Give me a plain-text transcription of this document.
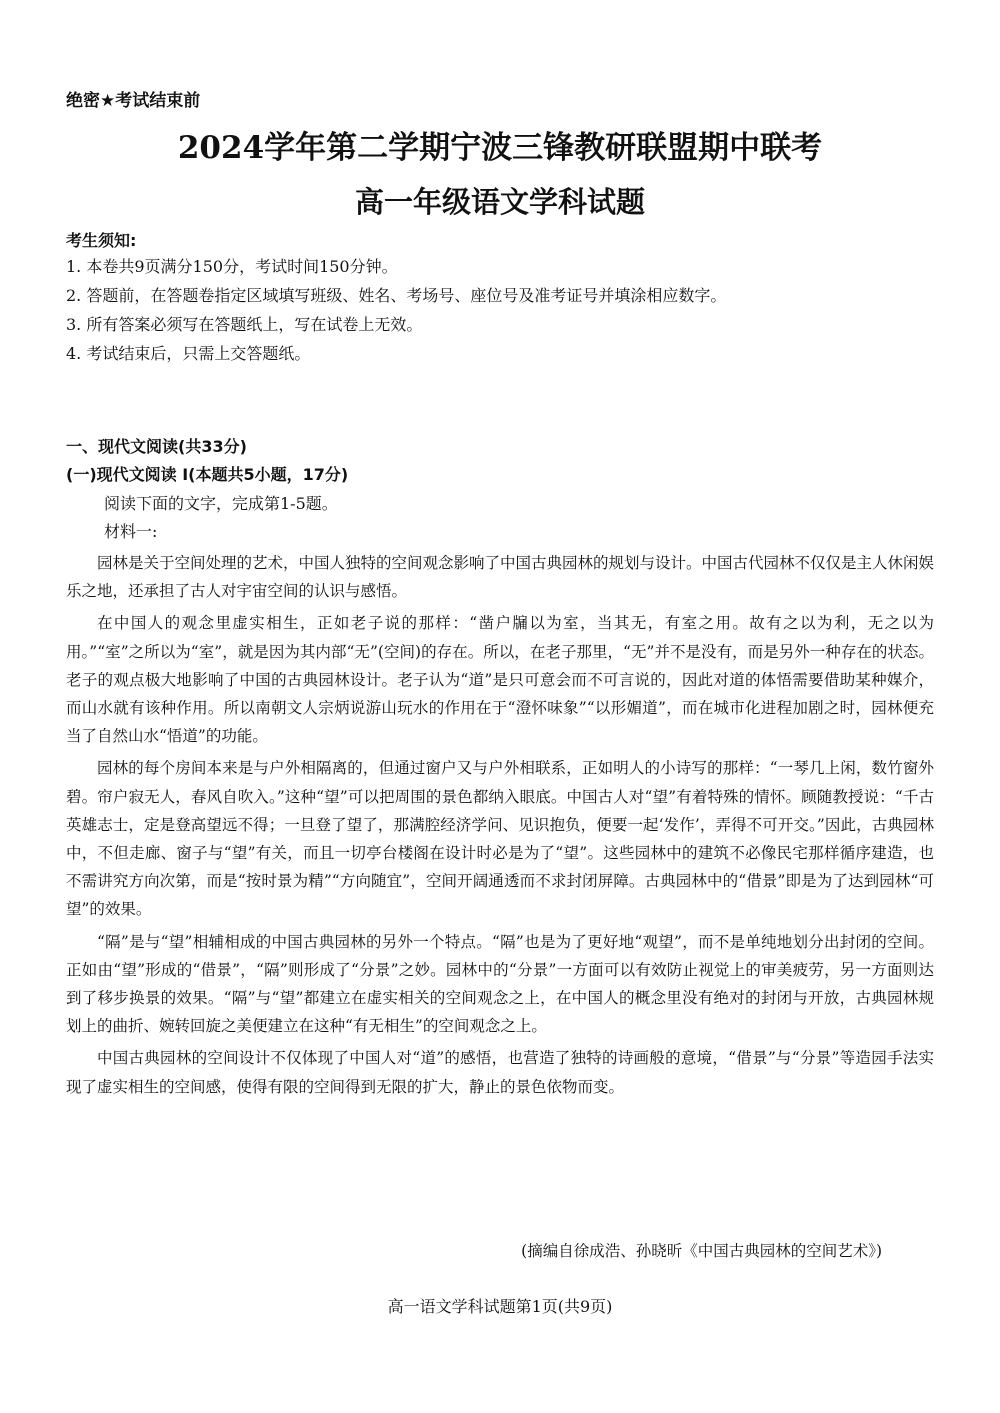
绝密★考试结束前
2024学年第二学期宁波三锋教研联盟期中联考
高一年级语文学科试题
考生须知:
1. 本卷共9页满分150分，考试时间150分钟。
2. 答题前，在答题卷指定区域填写班级、姓名、考场号、座位号及准考证号并填涂相应数字。
3. 所有答案必须写在答题纸上，写在试卷上无效。
4. 考试结束后，只需上交答题纸。
一、现代文阅读(共33分)
(一)现代文阅读 I(本题共5小题，17分)
阅读下面的文字，完成第1-5题。
材料一:

园林是关于空间处理的艺术，中国人独特的空间观念影响了中国古典园林的规划与设计。中国古代园林不仅仅是主人休闲娱乐之地，还承担了古人对宇宙空间的认识与感悟。

在中国人的观念里虚实相生，正如老子说的那样：“凿户牖以为室，当其无，有室之用。故有之以为利，无之以为用。”“室”之所以为“室”，就是因为其内部“无”(空间)的存在。所以，在老子那里，“无”并不是没有，而是另外一种存在的状态。老子的观点极大地影响了中国的古典园林设计。老子认为“道”是只可意会而不可言说的，因此对道的体悟需要借助某种媒介，而山水就有该种作用。所以南朝文人宗炳说游山玩水的作用在于“澄怀味象”“以形媚道”，而在城市化进程加剧之时，园林便充当了自然山水“悟道”的功能。

园林的每个房间本来是与户外相隔离的，但通过窗户又与户外相联系，正如明人的小诗写的那样：“一琴几上闲，数竹窗外碧。帘户寂无人，春风自吹入。”这种“望”可以把周围的景色都纳入眼底。中国古人对“望”有着特殊的情怀。顾随教授说：“千古英雄志士，定是登高望远不得；一旦登了望了，那满腔经济学问、见识抱负，便要一起‘发作’，弄得不可开交。”因此，古典园林中，不但走廊、窗子与“望”有关，而且一切亭台楼阁在设计时必是为了“望”。这些园林中的建筑不必像民宅那样循序建造，也不需讲究方向次第，而是“按时景为精”“方向随宜”，空间开阔通透而不求封闭屏障。古典园林中的“借景”即是为了达到园林“可望”的效果。

“隔”是与“望”相辅相成的中国古典园林的另外一个特点。“隔”也是为了更好地“观望”，而不是单纯地划分出封闭的空间。正如由“望”形成的“借景”，“隔”则形成了“分景”之妙。园林中的“分景”一方面可以有效防止视觉上的审美疲劳，另一方面则达到了移步换景的效果。“隔”与“望”都建立在虚实相关的空间观念之上，在中国人的概念里没有绝对的封闭与开放，古典园林规划上的曲折、婉转回旋之美便建立在这种“有无相生”的空间观念之上。

中国古典园林的空间设计不仅体现了中国人对“道”的感悟，也营造了独特的诗画般的意境，“借景”与“分景”等造园手法实现了虚实相生的空间感，使得有限的空间得到无限的扩大，静止的景色依物而变。

(摘编自徐成浩、孙晓昕《中国古典园林的空间艺术》)
高一语文学科试题第1页(共9页)
